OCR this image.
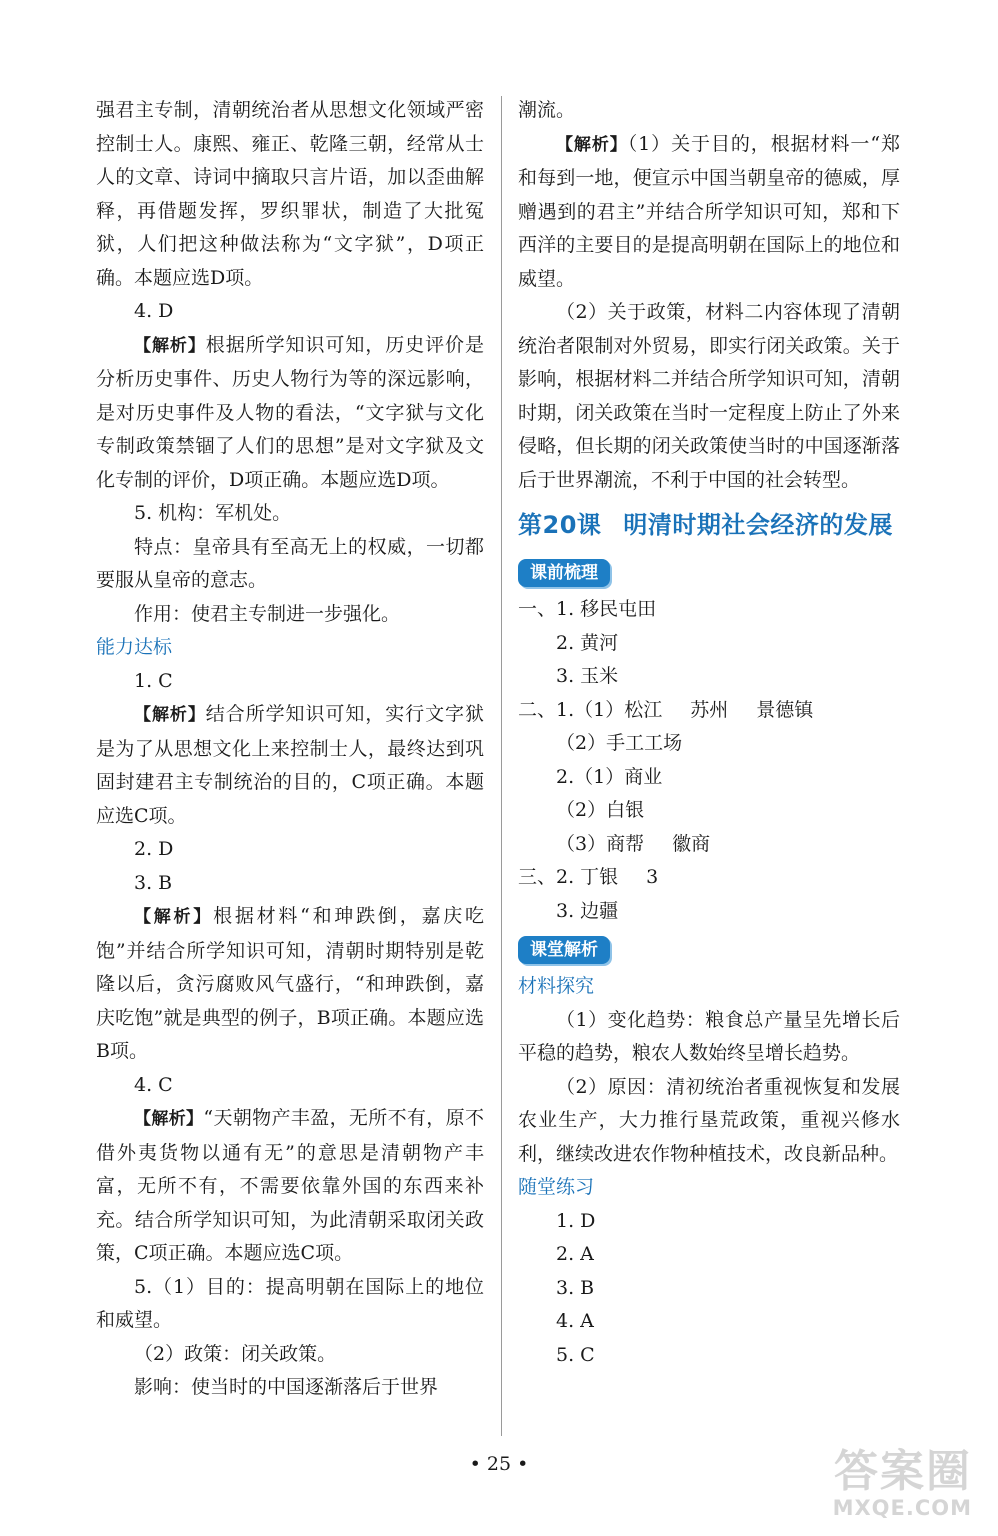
强君主专制，清朝统治者从思想文化领域严密控制士人。康熙、雍正、乾隆三朝，经常从士人的文章、诗词中摘取只言片语，加以歪曲解释，再借题发挥，罗织罪状，制造了大批冤狱，人们把这种做法称为“文字狱”，D项正确。本题应选D项。

4. D

【解析】根据所学知识可知，历史评价是分析历史事件、历史人物行为等的深远影响，是对历史事件及人物的看法，“文字狱与文化专制政策禁锢了人们的思想”是对文字狱及文化专制的评价，D项正确。本题应选D项。

5. 机构：军机处。

特点：皇帝具有至高无上的权威，一切都要服从皇帝的意志。

作用：使君主专制进一步强化。

能力达标

1. C

【解析】结合所学知识可知，实行文字狱是为了从思想文化上来控制士人，最终达到巩固封建君主专制统治的目的，C项正确。本题应选C项。

2. D

3. B

【解析】根据材料“和珅跌倒，嘉庆吃饱”并结合所学知识可知，清朝时期特别是乾隆以后，贪污腐败风气盛行，“和珅跌倒，嘉庆吃饱”就是典型的例子，B项正确。本题应选B项。

4. C

【解析】“天朝物产丰盈，无所不有，原不借外夷货物以通有无”的意思是清朝物产丰富，无所不有，不需要依靠外国的东西来补充。结合所学知识可知，为此清朝采取闭关政策，C项正确。本题应选C项。

5.（1）目的：提高明朝在国际上的地位和威望。

（2）政策：闭关政策。

影响：使当时的中国逐渐落后于世界

潮流。

【解析】（1）关于目的，根据材料一“郑和每到一地，便宣示中国当朝皇帝的德威，厚赠遇到的君主”并结合所学知识可知，郑和下西洋的主要目的是提高明朝在国际上的地位和威望。

（2）关于政策，材料二内容体现了清朝统治者限制对外贸易，即实行闭关政策。关于影响，根据材料二并结合所学知识可知，清朝时期，闭关政策在当时一定程度上防止了外来侵略，但长期的闭关政策使当时的中国逐渐落后于世界潮流，不利于中国的社会转型。

第20课 明清时期社会经济的发展
课前梳理

一、1. 移民屯田

2. 黄河

3. 玉米

二、1.（1）松江 苏州 景德镇

（2）手工工场

2.（1）商业

（2）白银

（3）商帮 徽商

三、2. 丁银 3

3. 边疆

课堂解析

材料探究

（1）变化趋势：粮食总产量呈先增长后平稳的趋势，粮农人数始终呈增长趋势。

（2）原因：清初统治者重视恢复和发展农业生产，大力推行垦荒政策，重视兴修水利，继续改进农作物种植技术，改良新品种。

随堂练习

1. D

2. A

3. B

4. A

5. C

• 25 •	答案圈
MXQE.COM
